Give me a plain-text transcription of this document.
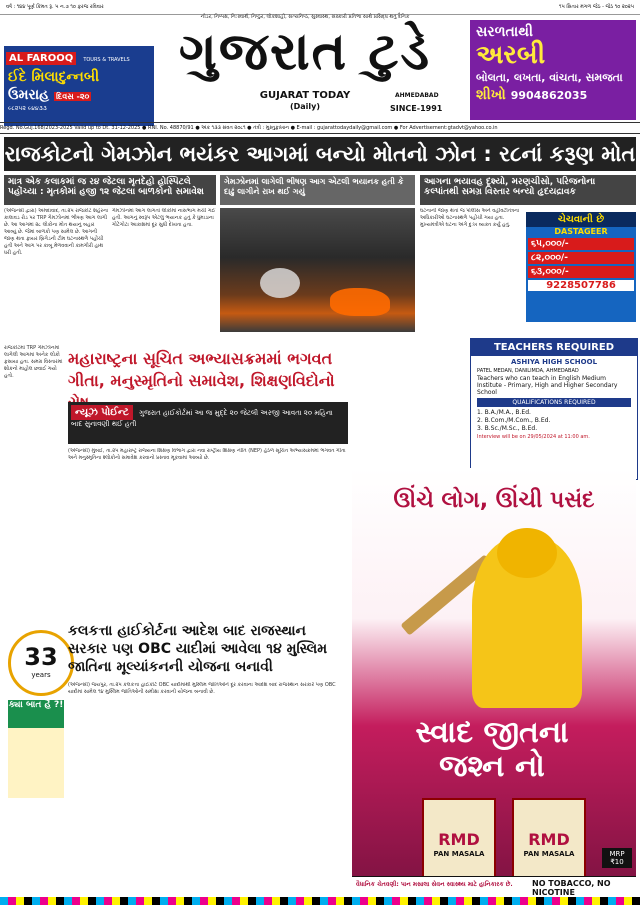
વર્ષ : ૧૪૪ પૂર્ણ કિંમત રૂ. ૫ ન.૭ ૧૦ ફરજ રવિવાર	૧૫ સિતાર મંગળ જેઠ - જેઠ ૧૦ ૨૦૨૫
AL FAROOQ TOURS & TRAVELS
ઈદે મિલાદુન્નબી
ઉમરાહ દિવસ -૨૦
૯૮૨૫૨ ૯૪૪૩૩
નીડર, નિષ્પક્ષ, નિ:સ્વાર્થ, નિષ્ઠુર, લોકશાહી, સત્યનિષ્ઠ, સુસ્વાસ્થ, સંસ્કારી પ્રતિભા સાથે પ્રસિદ્ધ થતું દૈનિક
ગુજરાત ટુડે
GUJARAT TODAY
(Daily)
AHMEDABAD
SINCE-1991
સરળતાથી
અરબી
બોલતા, લખતા, વાંચતા, સમજતા
શીખો 9904862035
Regd. No.Guj.168/2023-2025 Valid up to Dt. 31-12-2025 ● RNI. No. 48870/91 ● અંક ૧૩૩ સંવત ૨૦૮૧ ● તંત્રી : મુસ્તુફાખાન ● E-mail : gujarattodaydaily@gmail.com ● For Advertisement:gtadvt@yahoo.co.in
રાજકોટનો ગેમઝોન ભયંકર આગમાં બન્યો મોતનો ઝોન : ર૮નાં કરૂણ મોત
માત્ર એક કલાકમાં જ ર૪ જેટલા મૃતદેહો હોસ્પિટલે પહોંચ્યા : મૃતકોમાં હજી ૧૨ જેટલા બાળકોનો સમાવેશ
ગેમઝોનમાં લાગેલી ભીષણ આગ એટલી ભયાનક હતી કે દાઢું લાગીને રાખ થઈ ગયું
આગના ભયાવહ દૃશ્યો, મરણચીસો, પરિજનોના કલ્પાંતથી સમગ્ર વિસ્તાર બન્યો હૃદયદ્રાવક

(એજન્સી દ્વારા) અમદાવાદ, તા.૨૫ રાજકોટ શહેરના કાલાવડ રોડ પર TRP ગેમઝોનમાં ભીષણ આગ લાગી છે. આ આગમાં ૨૮ લોકોના મોત થયાનું બહાર આવ્યું છે. જેમાં બાળકો પણ સામેલ છે. આગની જાણ થતા ફાયર બ્રિગેડની ટીમ ઘટનાસ્થળે પહોંચી હતી અને આગ પર કાબૂ મેળવવાની કામગીરી હાથ ધરી હતી.

ગેમઝોનમાં આગ લાગતાં લોકોમાં નાસભાગ મચી ગઈ હતી. આગનું સ્વરૂપ એટલું ભયાનક હતું કે ધુમાડાના ગોટેગોટા આકાશમાં દૂર સુધી દેખાતા હતા.

ઘટનાની જાણ થતાં જ પોલીસ અને વહીવટીતંત્રના અધિકારીઓ ઘટનાસ્થળે પહોંચી ગયા હતા. મુખ્યમંત્રીએ ઘટના અંગે દુઃખ વ્યક્ત કર્યું હતું.	ચેચવાની છે
DASTAGEER
૬૫,૦૦૦/-
૮૨,૦૦૦/-
૬૩,૦૦૦/-
9228507786
મહારાષ્ટ્રના સૂચિત અભ્યાસક્રમમાં ભગવત ગીતા, મનુસ્મૃતિનો સમાવેશ, શિક્ષણવિદોનો
ન્યૂઝ પોઈન્ટ ગુજરાત હાઈકોર્ટમાં આ જ મુદ્દે ૨૦ જેટલી અરજી આવતા ૨૦ મહિના બાદ સુનાવણી થઈ હતી

(એજન્સી) મુંબઈ, તા.૨૫ મહારાષ્ટ્ર રાજ્યના શિક્ષણ વિભાગ દ્વારા નવા રાષ્ટ્રીય શિક્ષણ નીતિ (NEP) હેઠળ સૂચિત અભ્યાસક્રમમાં ભગવત ગીતા અને મનુસ્મૃતિના શ્લોકોનો સમાવેશ કરવાનો પ્રસ્તાવ મૂકવામાં આવ્યો છે.

રાજકોટમાં TRP ગેમઝોનમાં લાગેલી આગમાં અનેક લોકો ફસાયા હતા. સમગ્ર વિસ્તારમાં શોકનો માહોલ છવાઈ ગયો હતો.

TEACHERS REQUIRED
ASHIYA HIGH SCHOOL
PATEL MEDAN, DANILIMDA, AHMEDABAD
Teachers who can teach in English Medium Institute - Primary, High and Higher Secondary School
QUALIFICATIONS REQUIRED
1. B.A./M.A., B.Ed.
2. B.Com./M.Com., B.Ed.
3. B.Sc./M.Sc., B.Ed.
Interview will be on 29/05/2024 at 11:00 am.
ઊંચે લોગ, ઊંચી પસંદ
સ્વાદ જીતના જશ્ન નો
RMD
PAN MASALA
RMD
PAN MASALA	MRP ₹10
વૈધાનિક ચેતવણી: પાન મસાલા સેવન સ્વાસ્થ્ય માટે હાનિકારક છે.	NO TOBACCO, NO NICOTINE
33
years
કલકત્તા હાઈકોર્ટના આદેશ બાદ રાજસ્થાન સરકાર પણ OBC યાદીમાં આવેલા ૧૪ મુસ્લિમ જાતિના મૂલ્યાંકનની યોજના બનાવી

(એજન્સી) જયપુર, તા.૨૫ કલકત્તા હાઈકોર્ટે OBC યાદીમાંથી મુસ્લિમ જાતિઓને દૂર કરવાના આદેશ બાદ રાજસ્થાન સરકારે પણ OBC યાદીમાં સામેલ ૧૪ મુસ્લિમ જાતિઓની સમીક્ષા કરવાની યોજના બનાવી છે.

ક્યા બાત હૈ ?!
